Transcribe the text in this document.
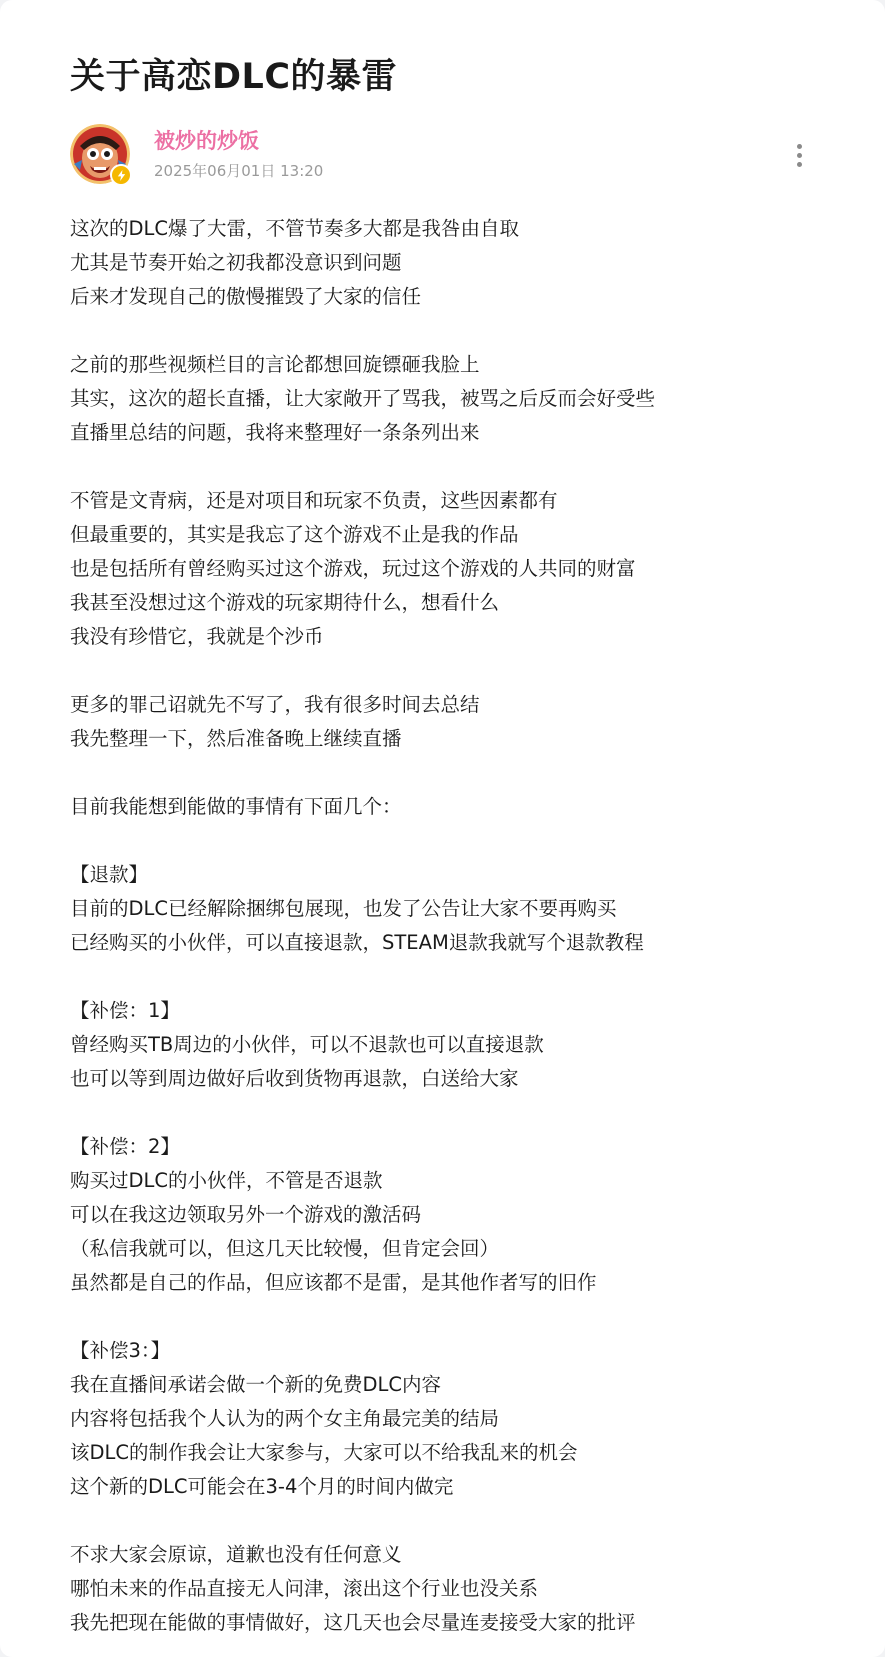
关于高恋DLC的暴雷
被炒的炒饭
2025年06月01日 13:20
这次的DLC爆了大雷，不管节奏多大都是我咎由自取
尤其是节奏开始之初我都没意识到问题
后来才发现自己的傲慢摧毁了大家的信任
之前的那些视频栏目的言论都想回旋镖砸我脸上
其实，这次的超长直播，让大家敞开了骂我，被骂之后反而会好受些
直播里总结的问题，我将来整理好一条条列出来
不管是文青病，还是对项目和玩家不负责，这些因素都有
但最重要的，其实是我忘了这个游戏不止是我的作品
也是包括所有曾经购买过这个游戏，玩过这个游戏的人共同的财富
我甚至没想过这个游戏的玩家期待什么，想看什么
我没有珍惜它，我就是个沙币
更多的罪己诏就先不写了，我有很多时间去总结
我先整理一下，然后准备晚上继续直播
目前我能想到能做的事情有下面几个：
【退款】
目前的DLC已经解除捆绑包展现，也发了公告让大家不要再购买
已经购买的小伙伴，可以直接退款，STEAM退款我就写个退款教程
【补偿：1】
曾经购买TB周边的小伙伴，可以不退款也可以直接退款
也可以等到周边做好后收到货物再退款，白送给大家
【补偿：2】
购买过DLC的小伙伴，不管是否退款
可以在我这边领取另外一个游戏的激活码
（私信我就可以，但这几天比较慢，但肯定会回）
虽然都是自己的作品，但应该都不是雷，是其他作者写的旧作
【补偿3：】
我在直播间承诺会做一个新的免费DLC内容
内容将包括我个人认为的两个女主角最完美的结局
该DLC的制作我会让大家参与，大家可以不给我乱来的机会
这个新的DLC可能会在3-4个月的时间内做完
不求大家会原谅，道歉也没有任何意义
哪怕未来的作品直接无人问津，滚出这个行业也没关系
我先把现在能做的事情做好，这几天也会尽量连麦接受大家的批评
